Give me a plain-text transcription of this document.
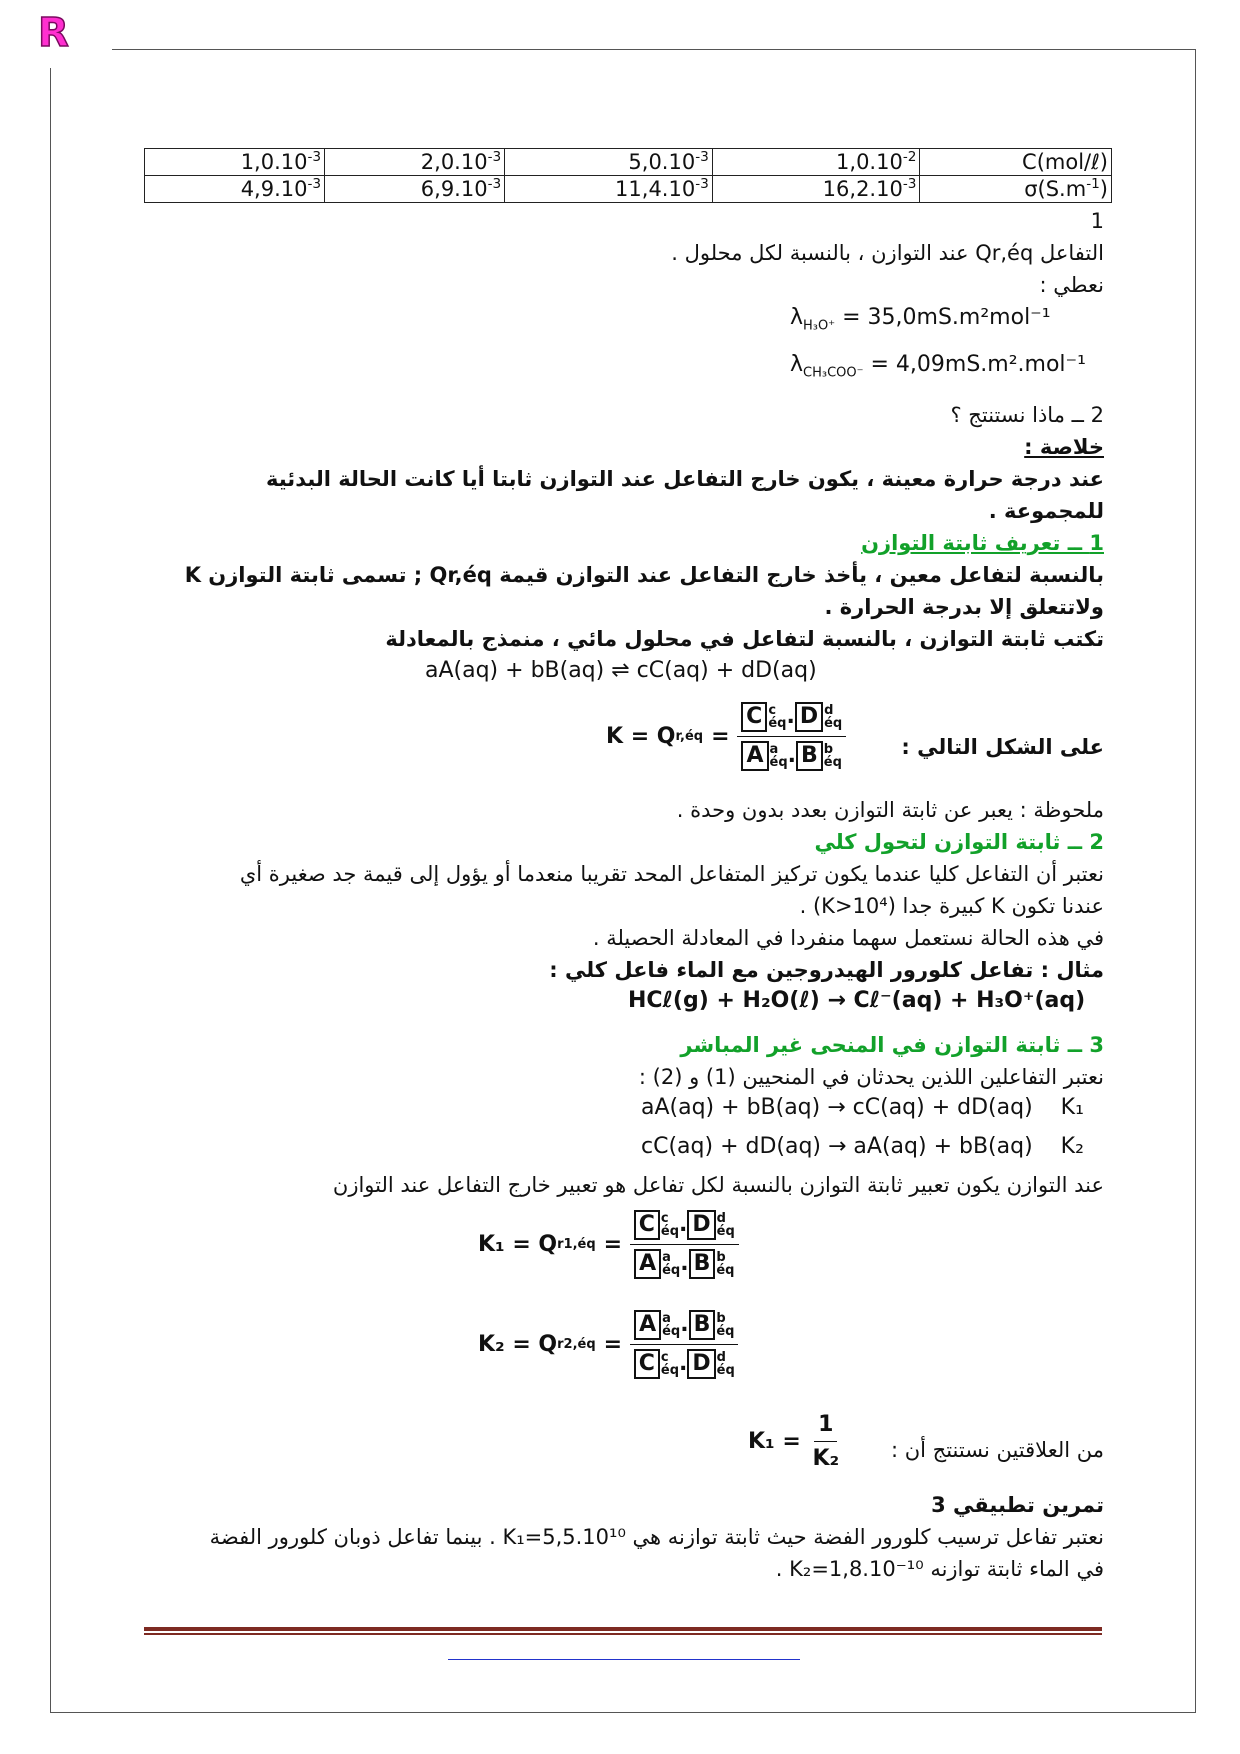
R
$1,0.10^{-3}$	$2,0.10^{-3}$	$5,0.10^{-3}$	$1,0.10^{-2}$	C(mol/ℓ)
$4,9.10^{-3}$	$6,9.10^{-3}$	$11,4.10^{-3}$	$16,2.10^{-3}$	$\sigma(S.m^{-1})$
1
التفاعل Qr,éq عند التوازن ، بالنسبة لكل محلول .
نعطي :
$\lambda_{H_3O^+} = 35,0mS.m^2mol^{-1}$
$\lambda_{CH_3COO^-} = 4,09mS.m^2.mol^{-1}$
2 ــ ماذا نستنتج ؟
خلاصة :
عند درجة حرارة معينة ، يكون خارج التفاعل عند التوازن ثابتا أيا كانت الحالة البدئية
للمجموعة .
1 ــ تعريف ثابتة التوازن
بالنسبة لتفاعل معين ، يأخذ خارج التفاعل عند التوازن قيمة Qr,éq ; تسمى ثابتة التوازن K
ولاتتعلق إلا بدرجة الحرارة .
تكتب ثابتة التوازن ، بالنسبة لتفاعل في محلول مائي ، منمذج بالمعادلة
aA(aq) + bB(aq) ⇌ cC(aq) + dD(aq)
على الشكل التالي :
K = Q r,éq = C c
éq . D d
éq
A a
éq . B b
éq
ملحوظة : يعبر عن ثابتة التوازن بعدد بدون وحدة .
2 ــ ثابتة التوازن لتحول كلي
نعتبر أن التفاعل كليا عندما يكون تركيز المتفاعل المحد تقريبا منعدما أو يؤول إلى قيمة جد صغيرة أي
عندنا تكون K كبيرة جدا (K>10⁴) .
في هذه الحالة نستعمل سهما منفردا في المعادلة الحصيلة .
مثال : تفاعل كلورور الهيدروجين مع الماء فاعل كلي :
HCℓ(g) + H₂O(ℓ) → Cℓ⁻(aq) + H₃O⁺(aq)
3 ــ ثابتة التوازن في المنحى غير المباشر
نعتبر التفاعلين اللذين يحدثان في المنحيين (1) و (2) :
aA(aq) + bB(aq) → cC(aq) + dD(aq) K₁
cC(aq) + dD(aq) → aA(aq) + bB(aq) K₂
عند التوازن يكون تعبير ثابتة التوازن بالنسبة لكل تفاعل هو تعبير خارج التفاعل عند التوازن
K₁ = Q r1,éq = C c
éq . D d
éq
A a
éq . B b
éq
K₂ = Q r2,éq = A a
éq . B b
éq
C c
éq . D d
éq
من العلاقتين نستنتج أن :
K₁ =
$\frac{1}{\text{K₂}}$
تمرين تطبيقي 3
نعتبر تفاعل ترسيب كلورور الفضة حيث ثابتة توازنه هي K₁=5,5.10¹⁰ . بينما تفاعل ذوبان كلورور الفضة
في الماء ثابتة توازنه K₂=1,8.10⁻¹⁰ .
